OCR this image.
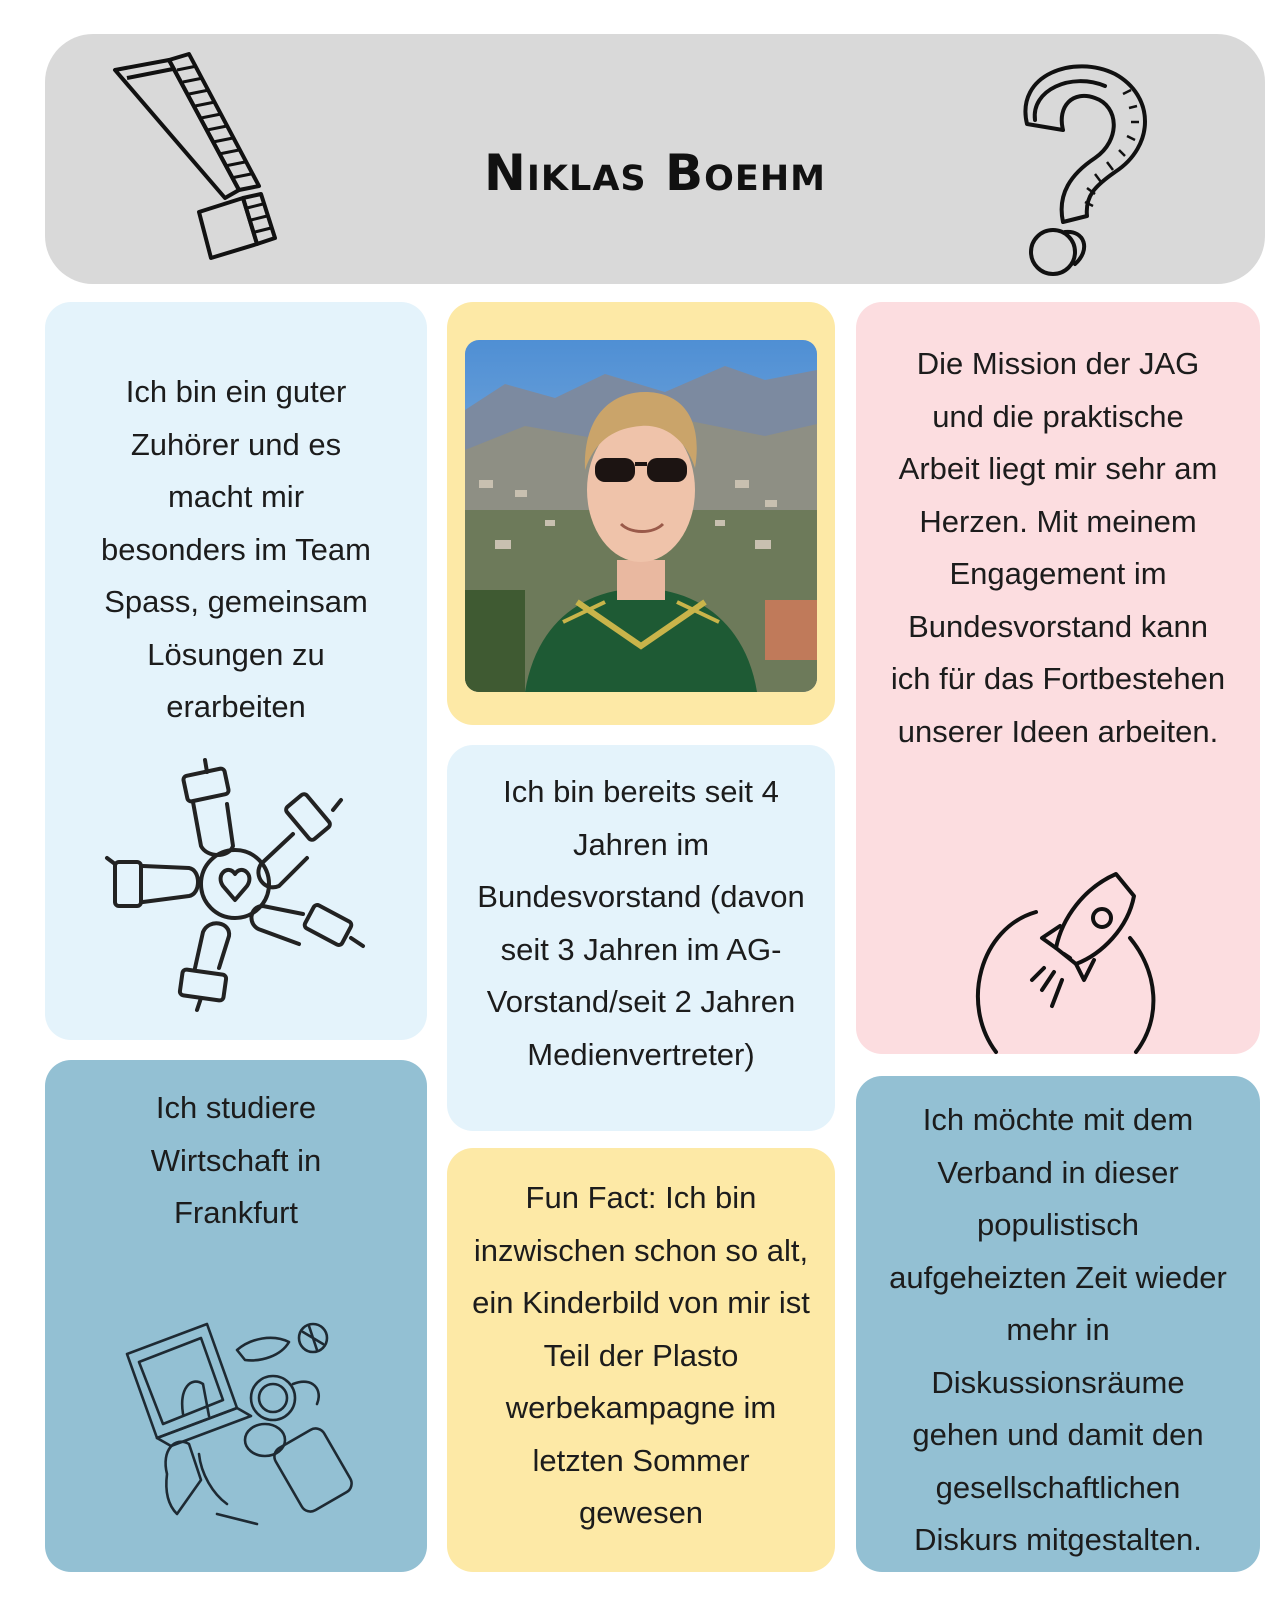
Niklas Boehm
Ich bin ein guter Zuhörer und es macht mir besonders im Team Spass, gemeinsam Lösungen zu erarbeiten
Ich bin bereits seit 4 Jahren im Bundesvorstand (davon seit 3 Jahren im AG-Vorstand/seit 2 Jahren Medienvertreter)
Die Mission der JAG und die praktische Arbeit liegt mir sehr am Herzen. Mit meinem Engagement im Bundesvorstand kann ich für das Fortbestehen unserer Ideen arbeiten.
Ich studiere Wirtschaft in Frankfurt	Fun Fact: Ich bin inzwischen schon so alt, ein Kinderbild von mir ist Teil der Plasto werbekampagne im letzten Sommer gewesen
Ich möchte mit dem Verband in dieser populistisch aufgeheizten Zeit wieder mehr in Diskussionsräume gehen und damit den gesellschaftlichen Diskurs mitgestalten.
